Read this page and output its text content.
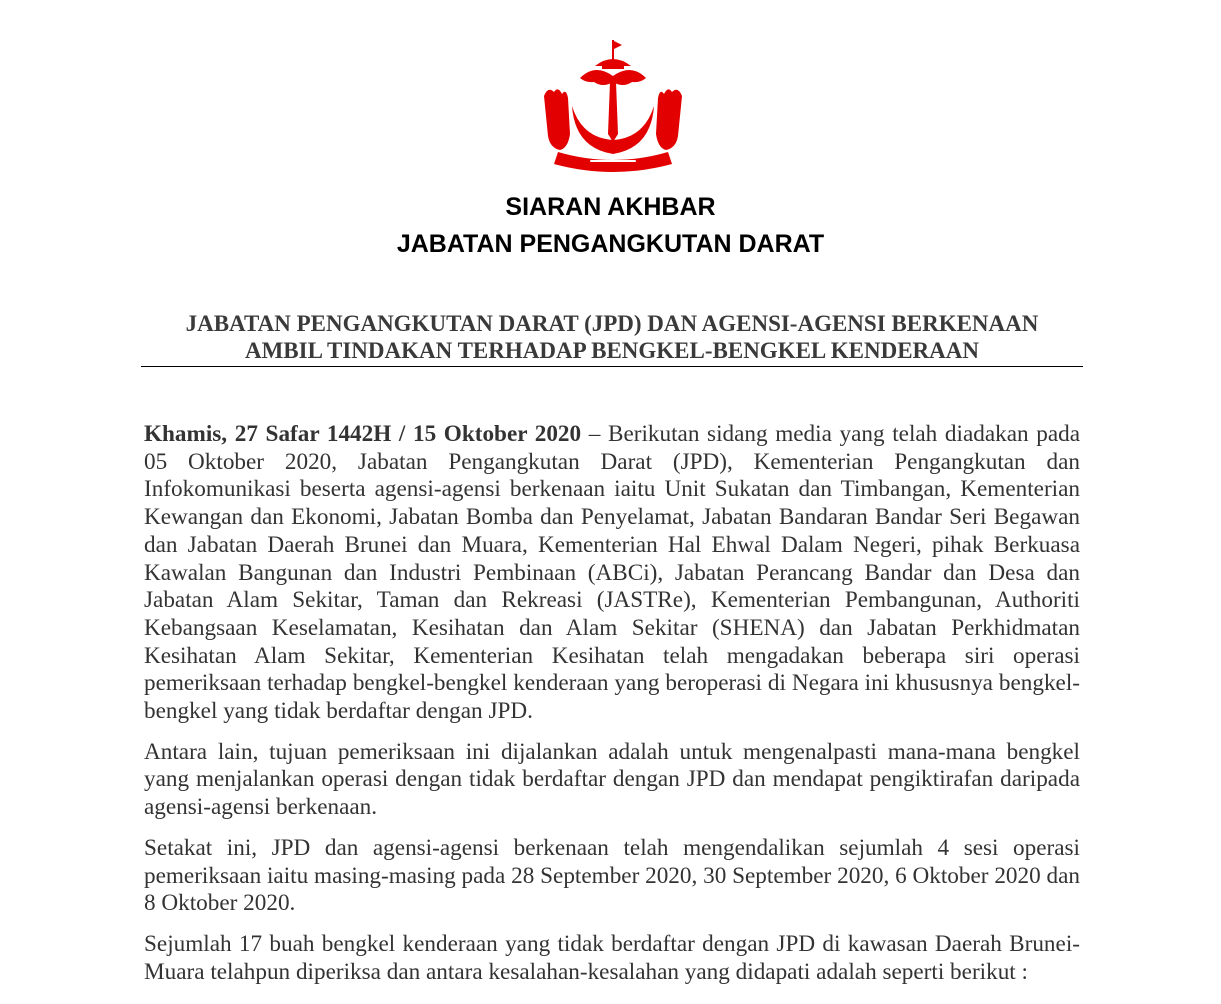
SIARAN AKHBAR
JABATAN PENGANGKUTAN DARAT
JABATAN PENGANGKUTAN DARAT (JPD) DAN AGENSI-AGENSI BERKENAAN
AMBIL TINDAKAN TERHADAP BENGKEL-BENGKEL KENDERAAN

Khamis, 27 Safar 1442H / 15 Oktober 2020 – Berikutan sidang media yang telah diadakan pada 05 Oktober 2020, Jabatan Pengangkutan Darat (JPD), Kementerian Pengangkutan dan Infokomunikasi beserta agensi-agensi berkenaan iaitu Unit Sukatan dan Timbangan, Kementerian Kewangan dan Ekonomi, Jabatan Bomba dan Penyelamat, Jabatan Bandaran Bandar Seri Begawan dan Jabatan Daerah Brunei dan Muara, Kementerian Hal Ehwal Dalam Negeri, pihak Berkuasa Kawalan Bangunan dan Industri Pembinaan (ABCi), Jabatan Perancang Bandar dan Desa dan Jabatan Alam Sekitar, Taman dan Rekreasi (JASTRe), Kementerian Pembangunan, Authoriti Kebangsaan Keselamatan, Kesihatan dan Alam Sekitar (SHENA) dan Jabatan Perkhidmatan Kesihatan Alam Sekitar, Kementerian Kesihatan telah mengadakan beberapa siri operasi pemeriksaan terhadap bengkel-bengkel kenderaan yang beroperasi di Negara ini khususnya bengkel-bengkel yang tidak berdaftar dengan JPD.

Antara lain, tujuan pemeriksaan ini dijalankan adalah untuk mengenalpasti mana-mana bengkel yang menjalankan operasi dengan tidak berdaftar dengan JPD dan mendapat pengiktirafan daripada agensi-agensi berkenaan.

Setakat ini, JPD dan agensi-agensi berkenaan telah mengendalikan sejumlah 4 sesi operasi pemeriksaan iaitu masing-masing pada 28 September 2020, 30 September 2020, 6 Oktober 2020 dan 8 Oktober 2020.

Sejumlah 17 buah bengkel kenderaan yang tidak berdaftar dengan JPD di kawasan Daerah Brunei-Muara telahpun diperiksa dan antara kesalahan-kesalahan yang didapati adalah seperti berikut :
